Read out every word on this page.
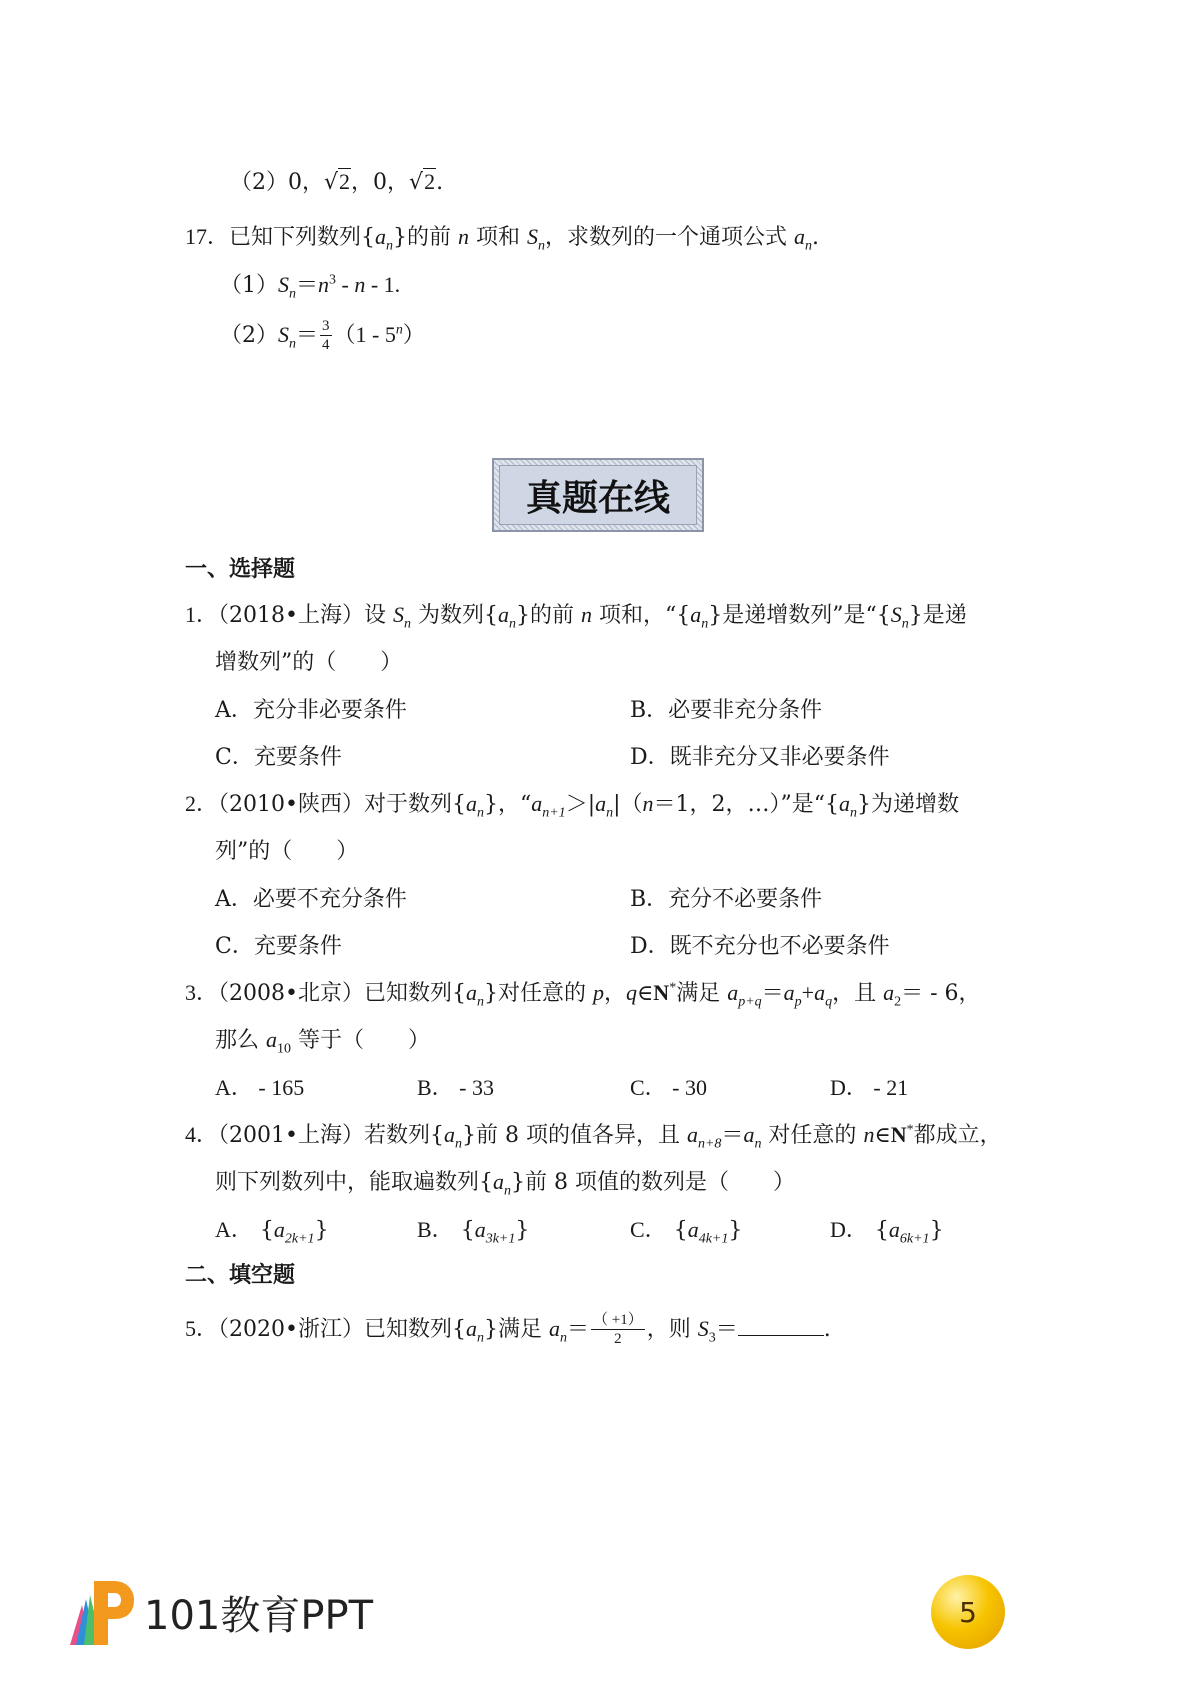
（2）0，√2，0，√2.
17．已知下列数列$\{a_n\}$的前 n 项和 $S_n$，求数列的一个通项公式 $a_n$.
$(1)S_n=n^3 - n - 1$.
$(2)S_n= \frac{3}{4} (1 - 5^n)$
真题在线
一、选择题
1．（2018•上海）设 $S_n$ 为数列$\{a_n\}$的前 n 项和，“$\{a_n\}$是递增数列”是“$\{S_n\}$是递
增数列”的（　　）
A．充分非必要条件	B．必要非充分条件
C．充要条件	D．既非充分又非必要条件
2．（2010•陕西）对于数列$\{a_n\}$，“$a_{n+1}>|a_n|(n=1$，2，…）”是“$\{a_n\}$为递增数
列”的（　　）
A．必要不充分条件	B．充分不必要条件
C．充要条件	D．既不充分也不必要条件
3．（2008•北京）已知数列$\{a_n\}$对任意的 p，q∈N*满足 $a_{p+q}=a_p+a_q$，且 $a_2= - 6$，
那么 $a_{10}$ 等于（　　）
A． - 165	B． - 33	C． - 30	D． - 21
4．（2001•上海）若数列$\{a_n\}$前 8 项的值各异，且 $a_{n+8}=a_n$ 对任意的 n∈N*都成立，
则下列数列中，能取遍数列$\{a_n\}$前 8 项值的数列是（　　）
A． $\{a_{2k+1}\}$	B． $\{a_{3k+1}\}$	C． $\{a_{4k+1}\}$	D． $\{a_{6k+1}\}$
二、填空题
5．（2020•浙江）已知数列$\{a_n\}$满足 $a_n= \frac{( +1)}{2}$ ，则 $S_3=$	.
101教育PPT	5
